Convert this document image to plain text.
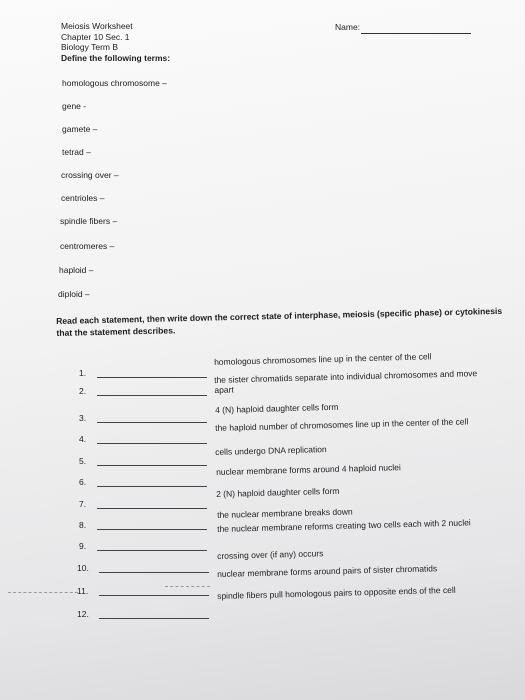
Meiosis Worksheet
Chapter 10 Sec. 1
Biology Term B
Define the following terms:
Name:
homologous chromosome –
gene -
gamete –
tetrad –
crossing over –
centrioles –
spindle fibers –
centromeres –
haploid –
diploid –
Read each statement, then write down the correct state of interphase, meiosis (specific phase) or cytokinesis that the statement describes.
1.
2.
3.
4.
5.
6.
7.
8.
9.
10.
11.
12.
homologous chromosomes line up in the center of the cell
the sister chromatids separate into individual chromosomes and move apart
4 (N) haploid daughter cells form
the haploid number of chromosomes line up in the center of the cell
cells undergo DNA replication
nuclear membrane forms around 4 haploid nuclei
2 (N) haploid daughter cells form
the nuclear membrane breaks down
the nuclear membrane reforms creating two cells each with 2 nuclei
crossing over (if any) occurs
nuclear membrane forms around pairs of sister chromatids
spindle fibers pull homologous pairs to opposite ends of the cell
